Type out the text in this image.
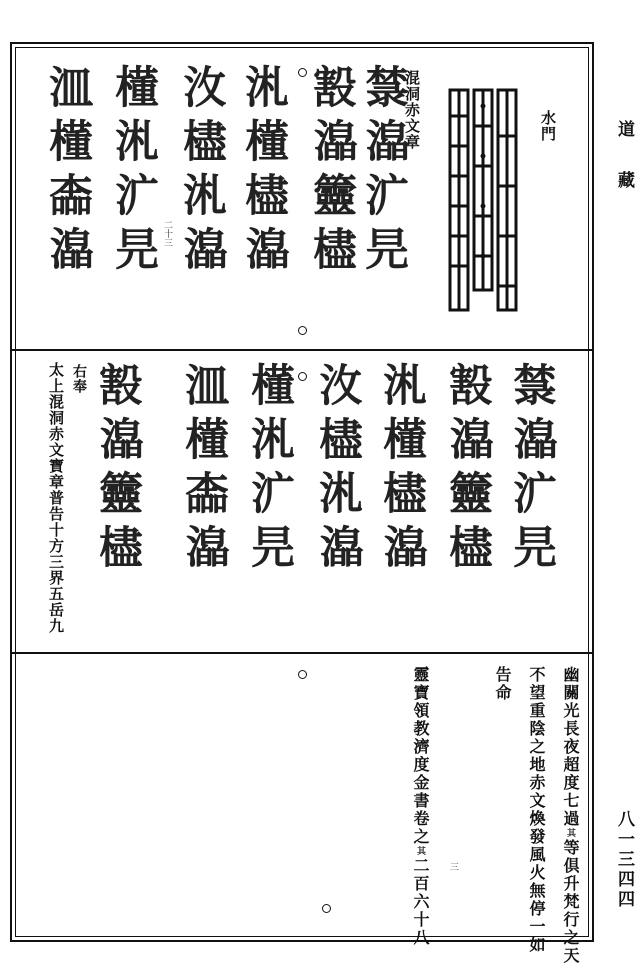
道藏
八一三四四
水門
混洞赤文章
㯟㵿㲿㫕
㲅㵿䉹㯸
㳐㯵㯸㵿
㳊㯸㳐㵿
二十三
㯵㳐㲿㫕
㳑㯵㮺㵿
㯟㵿㲿㫕
㲅㵿䉹㯸
㳐㯵㯸㵿
㳊㯸㳐㵿
㯵㳐㲿㫕
㳑㯵㮺㵿
㲅㵿䉹㯸
右奉
太上混洞赤文寶章普告十方三界五岳九
幽關光長夜超度七過其等倶升梵行之天
不望重陰之地赤文煥發風火無停一如
告命
靈寶領教濟度金書卷之其二百六十八 三
